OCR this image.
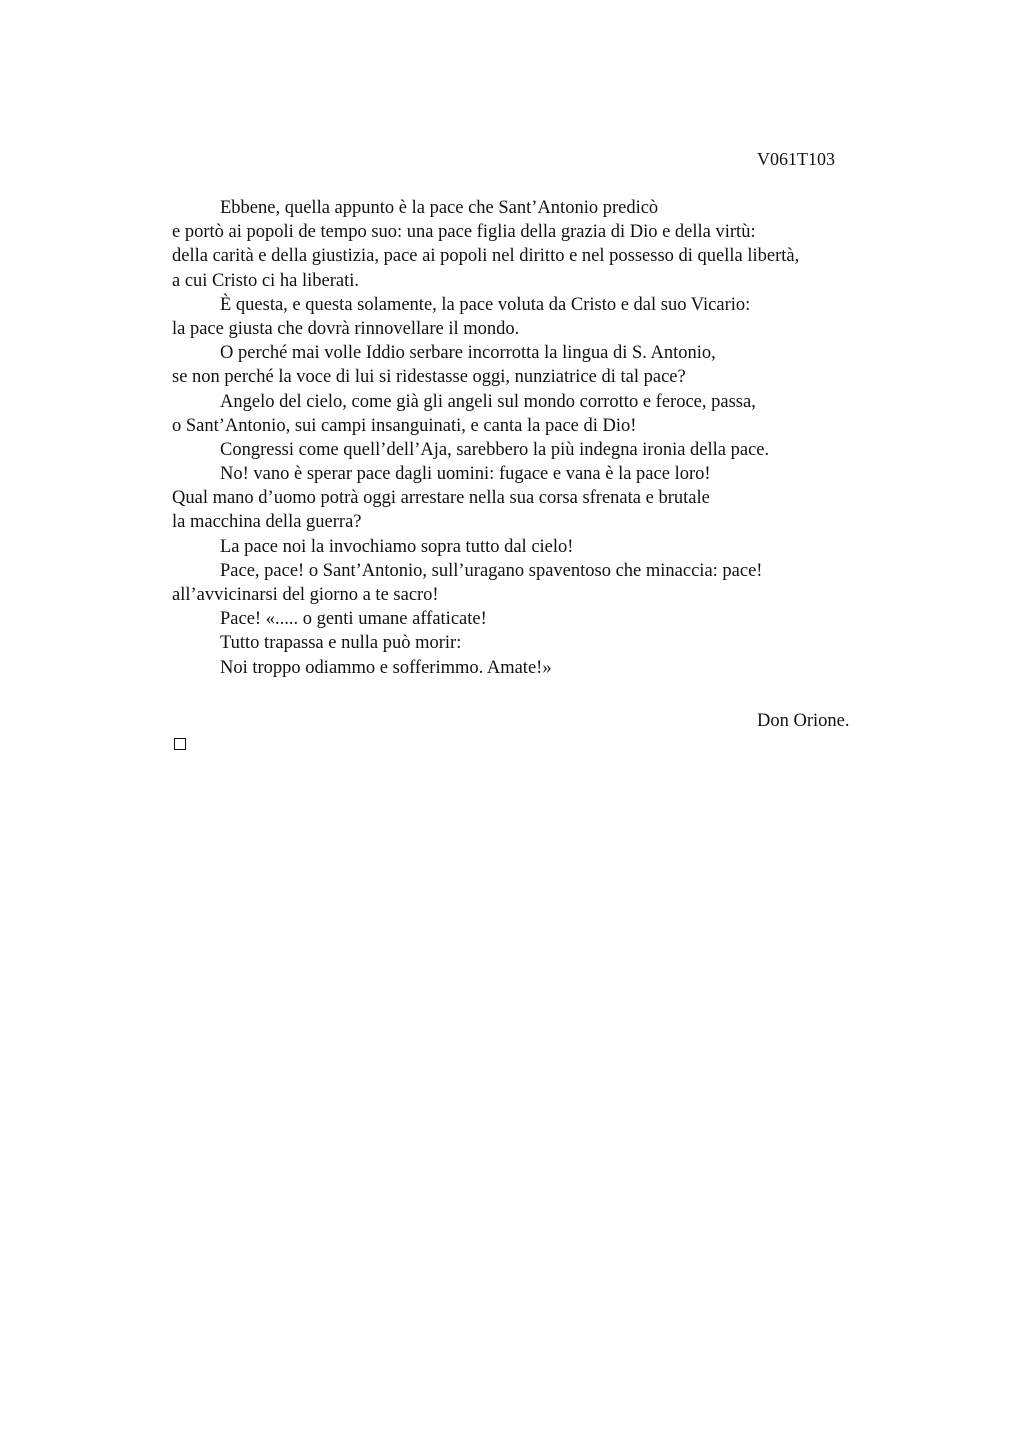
V061T103
Ebbene, quella appunto è la pace che Sant’Antonio predicò
e portò ai popoli de tempo suo: una pace figlia della grazia di Dio e della virtù:
della carità e della giustizia, pace ai popoli nel diritto e nel possesso di quella libertà,
a cui Cristo ci ha liberati.
È questa, e questa solamente, la pace voluta da Cristo e dal suo Vicario:
la pace giusta che dovrà rinnovellare il mondo.
O perché mai volle Iddio serbare incorrotta la lingua di S. Antonio,
se non perché la voce di lui si ridestasse oggi, nunziatrice di tal pace?
Angelo del cielo, come già gli angeli sul mondo corrotto e feroce, passa,
o Sant’Antonio, sui campi insanguinati, e canta la pace di Dio!
Congressi come quell’dell’Aja, sarebbero la più indegna ironia della pace.
No! vano è sperar pace dagli uomini: fugace e vana è la pace loro!
Qual mano d’uomo potrà oggi arrestare nella sua corsa sfrenata e brutale
la macchina della guerra?
La pace noi la invochiamo sopra tutto dal cielo!
Pace, pace! o Sant’Antonio, sull’uragano spaventoso che minaccia: pace!
all’avvicinarsi del giorno a te sacro!
Pace! «..... o genti umane affaticate!
Tutto trapassa e nulla può morir:
Noi troppo odiammo e sofferimmo. Amate!»
Don Orione.
